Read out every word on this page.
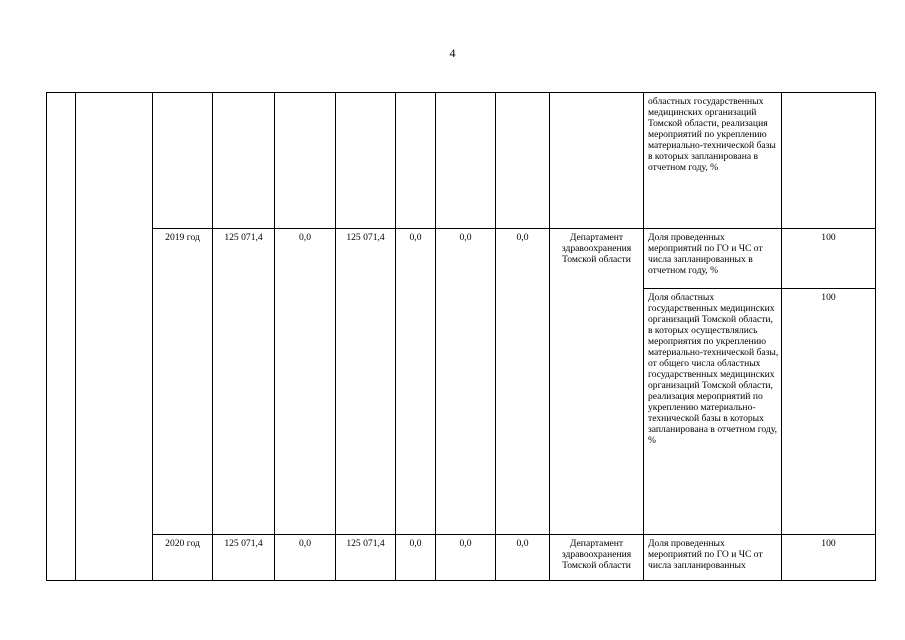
4
										областных государственных медицинских организаций Томской области, реализация мероприятий по укреплению материально-технической базы в которых запланирована в отчетном году, %	
		2019 год	125 071,4	0,0	125 071,4	0,0	0,0	0,0	Департамент здравоохранения Томской области	Доля проведенных мероприятий по ГО и ЧС от числа запланированных в отчетном году, %	100
										Доля областных государственных медицинских организаций Томской области, в которых осуществлялись мероприятия по укреплению материально-технической базы, от общего числа областных государственных медицинских организаций Томской области, реализация мероприятий по укреплению материально-технической базы в которых запланирована в отчетном году, %	100
		2020 год	125 071,4	0,0	125 071,4	0,0	0,0	0,0	Департамент здравоохранения Томской области	Доля проведенных мероприятий по ГО и ЧС от числа запланированных	100
